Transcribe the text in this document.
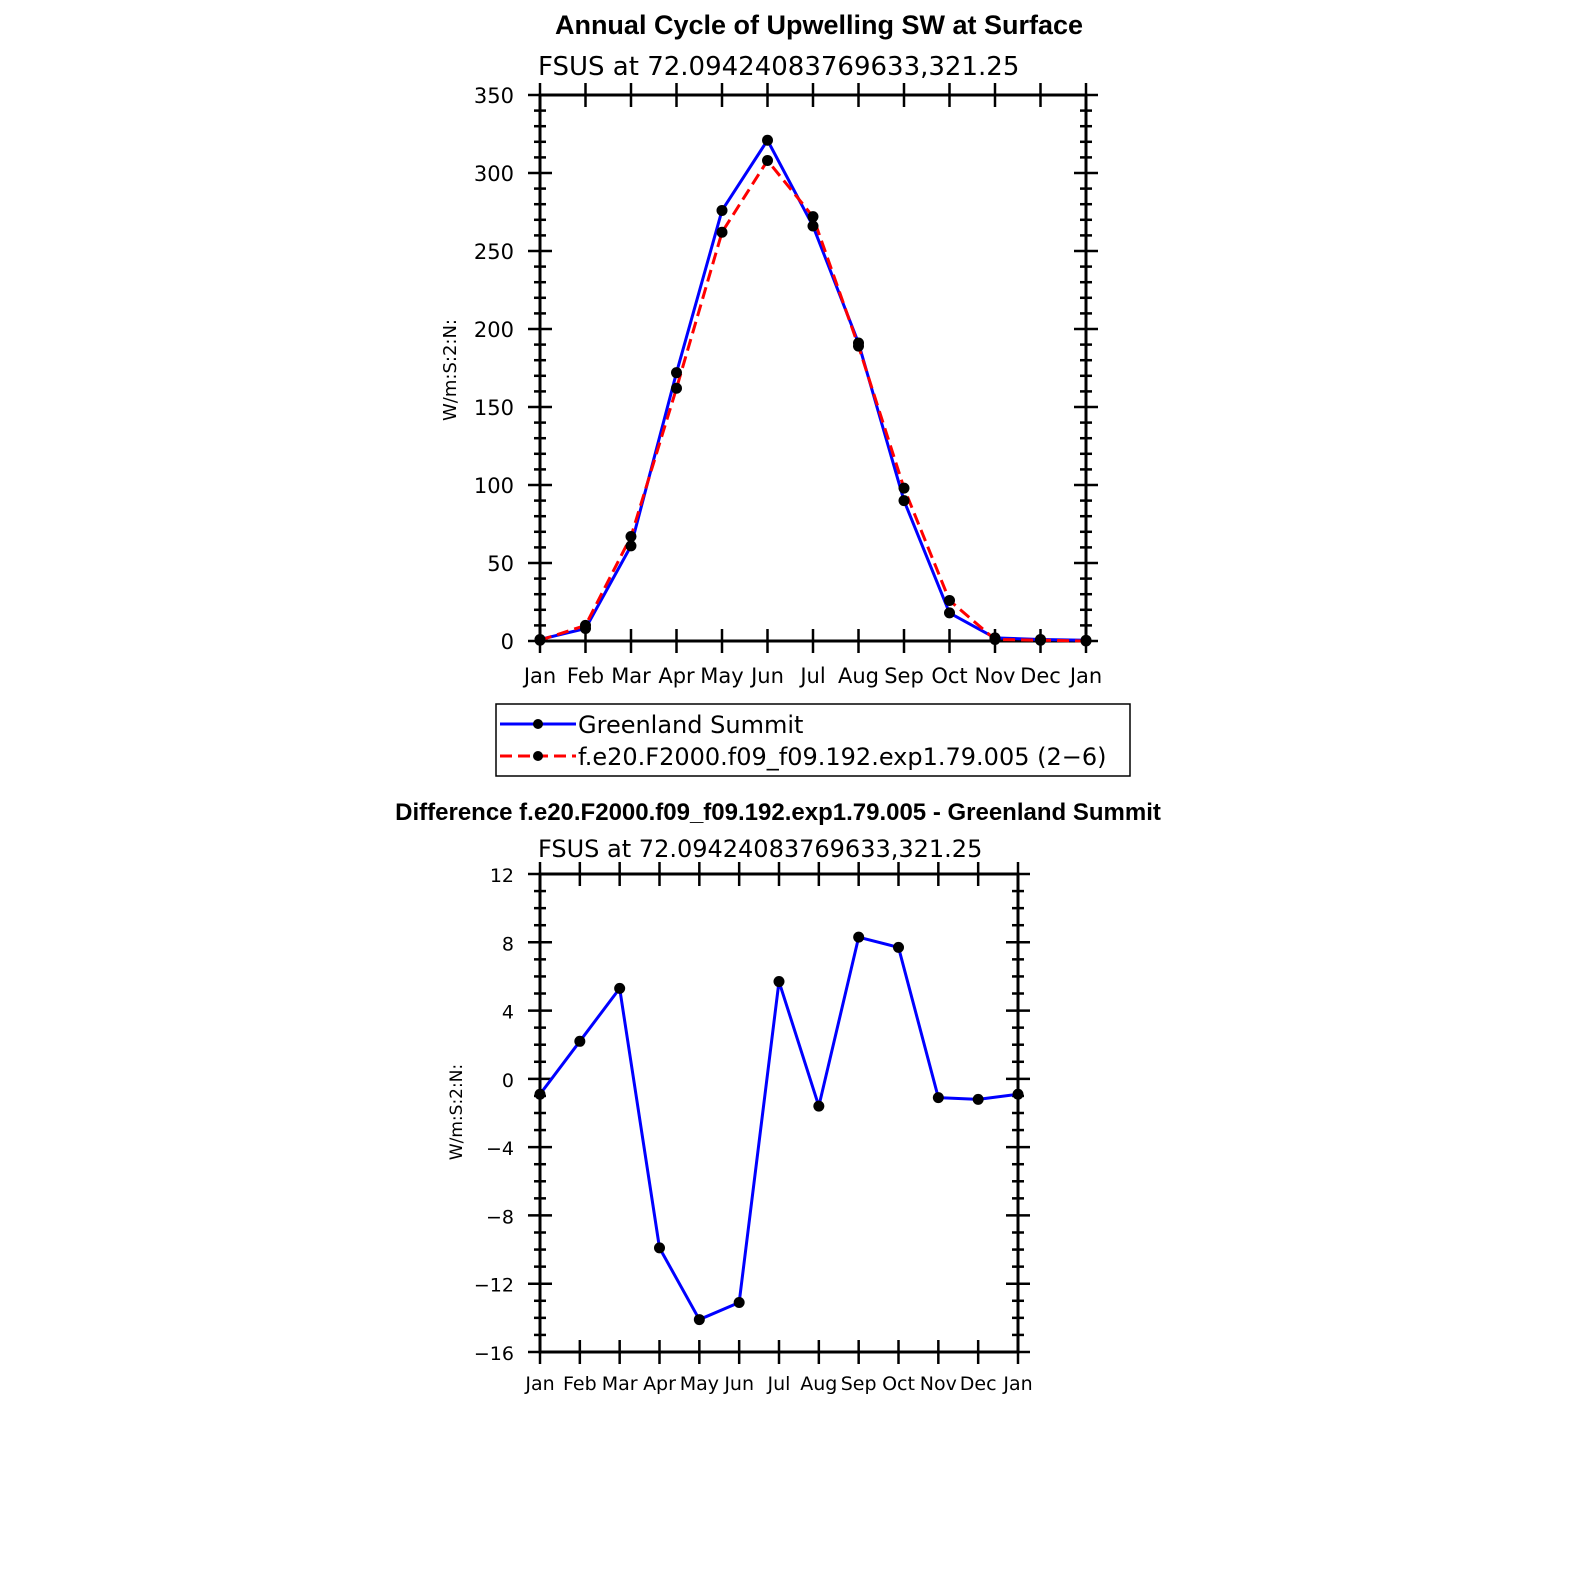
Annual Cycle of Upwelling SW at Surface
FSUS at 72.09424083769633,321.25
W/m:S:2:N:
0
50
100
150
200
250
300
350
Jan Feb Mar Apr May Jun Jul Aug Sep Oct Nov Dec Jan
Greenland Summit
f.e20.F2000.f09_f09.192.exp1.79.005 (2−6)
Difference f.e20.F2000.f09_f09.192.exp1.79.005 - Greenland Summit
FSUS at 72.09424083769633,321.25
W/m:S:2:N:
−16
−12
−8
−4
0
4
8
12
Jan Feb Mar Apr May Jun Jul Aug Sep Oct Nov Dec Jan
